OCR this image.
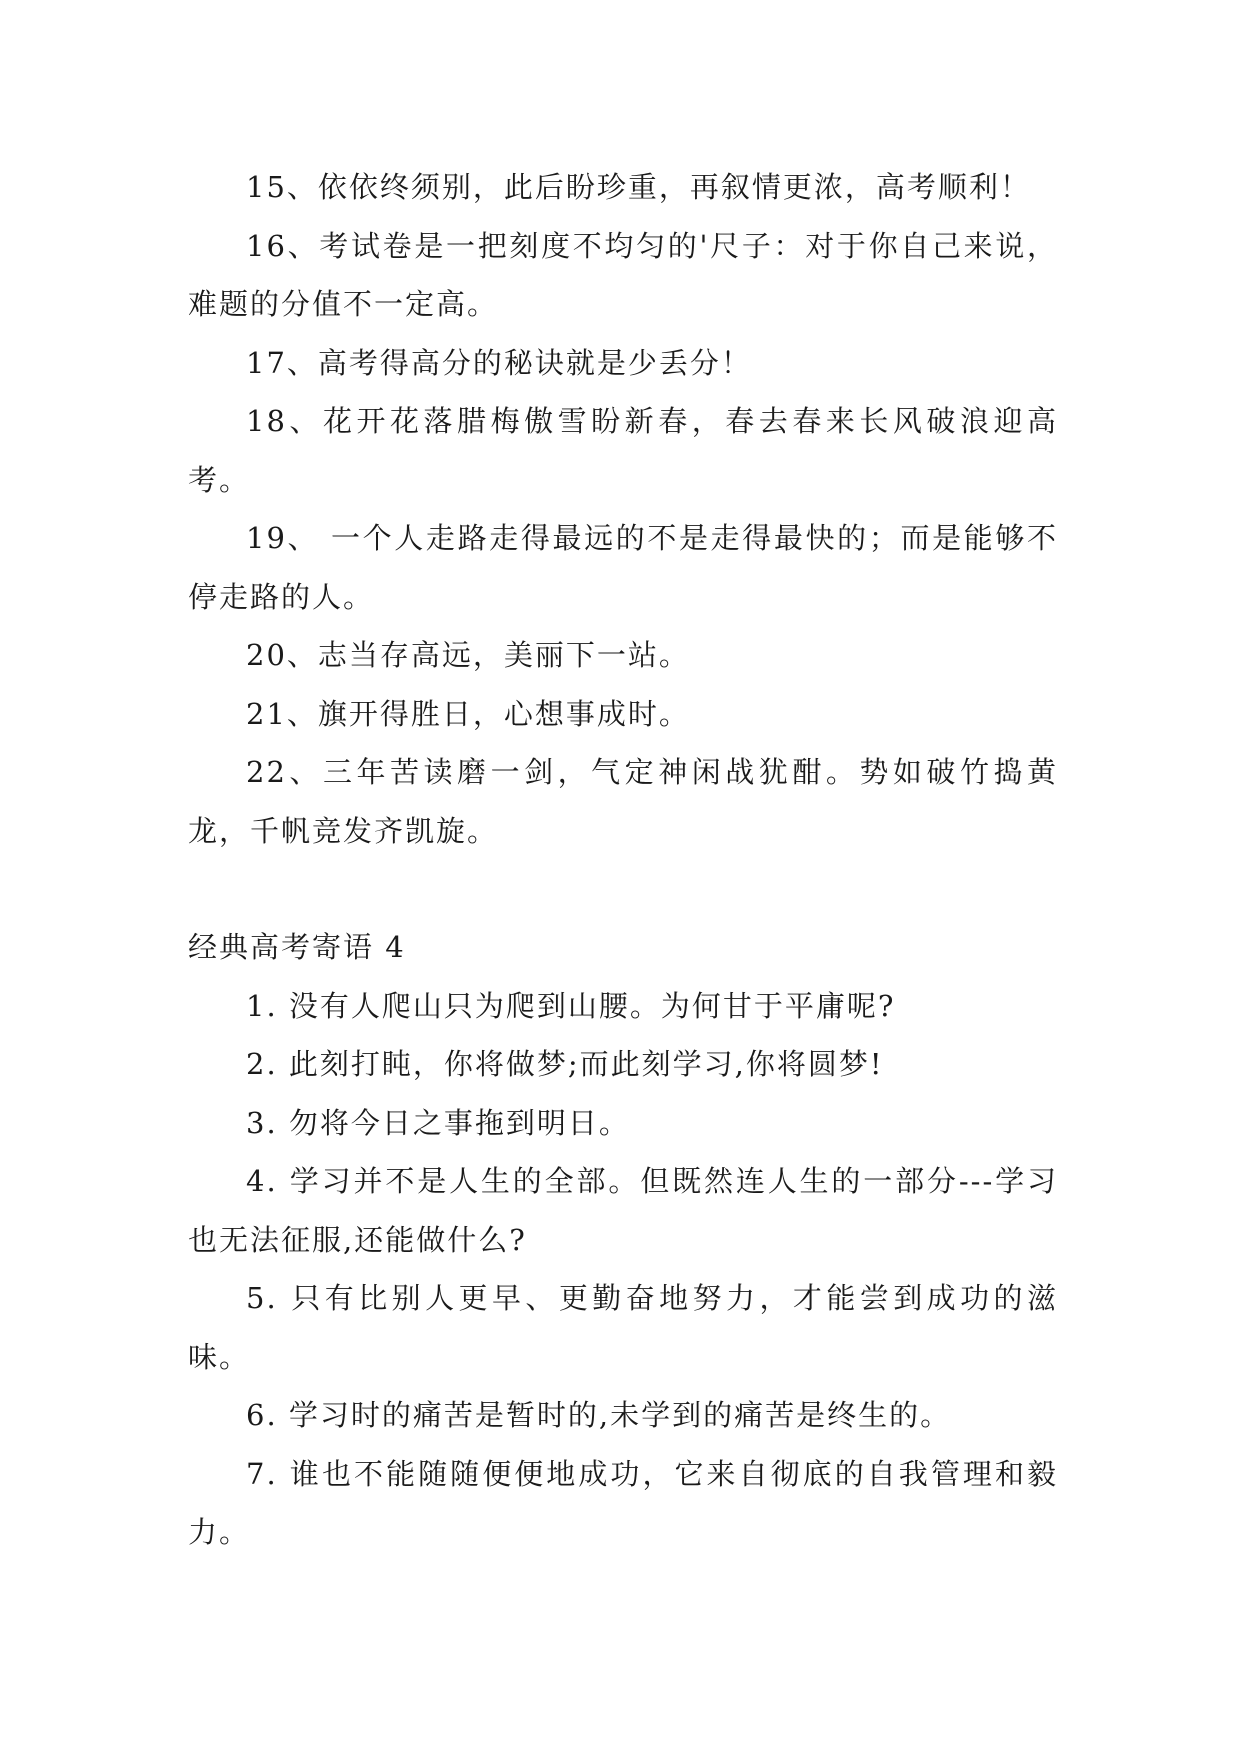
15、依依终须别，此后盼珍重，再叙情更浓，高考顺利！

16、考试卷是一把刻度不均匀的'尺子：对于你自己来说，难题的分值不一定高。

17、高考得高分的秘诀就是少丢分！

18、花开花落腊梅傲雪盼新春，春去春来长风破浪迎高考。

19、 一个人走路走得最远的不是走得最快的；而是能够不停走路的人。

20、志当存高远，美丽下一站。

21、旗开得胜日，心想事成时。

22、三年苦读磨一剑，气定神闲战犹酣。势如破竹捣黄龙，千帆竞发齐凯旋。

经典高考寄语 4

1. 没有人爬山只为爬到山腰。为何甘于平庸呢?

2. 此刻打盹，你将做梦;而此刻学习,你将圆梦!

3. 勿将今日之事拖到明日。

4. 学习并不是人生的全部。但既然连人生的一部分---学习也无法征服,还能做什么?

5. 只有比别人更早、更勤奋地努力，才能尝到成功的滋味。

6. 学习时的痛苦是暂时的,未学到的痛苦是终生的。

7. 谁也不能随随便便地成功，它来自彻底的自我管理和毅力。
